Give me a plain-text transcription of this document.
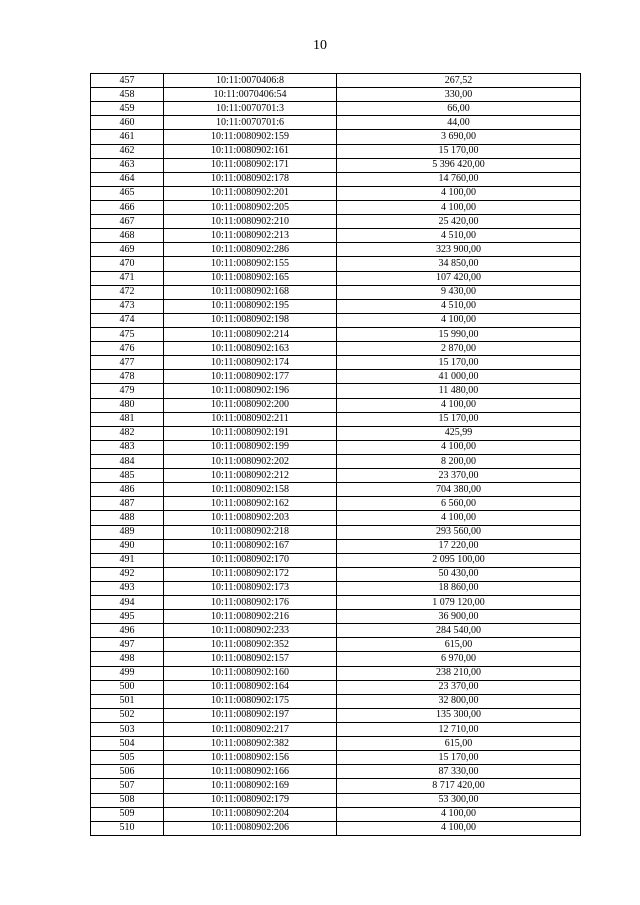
10
457	10:11:0070406:8	267,52
458	10:11:0070406:54	330,00
459	10:11:0070701:3	66,00
460	10:11:0070701:6	44,00
461	10:11:0080902:159	3 690,00
462	10:11:0080902:161	15 170,00
463	10:11:0080902:171	5 396 420,00
464	10:11:0080902:178	14 760,00
465	10:11:0080902:201	4 100,00
466	10:11:0080902:205	4 100,00
467	10:11:0080902:210	25 420,00
468	10:11:0080902:213	4 510,00
469	10:11:0080902:286	323 900,00
470	10:11:0080902:155	34 850,00
471	10:11:0080902:165	107 420,00
472	10:11:0080902:168	9 430,00
473	10:11:0080902:195	4 510,00
474	10:11:0080902:198	4 100,00
475	10:11:0080902:214	15 990,00
476	10:11:0080902:163	2 870,00
477	10:11:0080902:174	15 170,00
478	10:11:0080902:177	41 000,00
479	10:11:0080902:196	11 480,00
480	10:11:0080902:200	4 100,00
481	10:11:0080902:211	15 170,00
482	10:11:0080902:191	425,99
483	10:11:0080902:199	4 100,00
484	10:11:0080902:202	8 200,00
485	10:11:0080902:212	23 370,00
486	10:11:0080902:158	704 380,00
487	10:11:0080902:162	6 560,00
488	10:11:0080902:203	4 100,00
489	10:11:0080902:218	293 560,00
490	10:11:0080902:167	17 220,00
491	10:11:0080902:170	2 095 100,00
492	10:11:0080902:172	50 430,00
493	10:11:0080902:173	18 860,00
494	10:11:0080902:176	1 079 120,00
495	10:11:0080902:216	36 900,00
496	10:11:0080902:233	284 540,00
497	10:11:0080902:352	615,00
498	10:11:0080902:157	6 970,00
499	10:11:0080902:160	238 210,00
500	10:11:0080902:164	23 370,00
501	10:11:0080902:175	32 800,00
502	10:11:0080902:197	135 300,00
503	10:11:0080902:217	12 710,00
504	10:11:0080902:382	615,00
505	10:11:0080902:156	15 170,00
506	10:11:0080902:166	87 330,00
507	10:11:0080902:169	8 717 420,00
508	10:11:0080902:179	53 300,00
509	10:11:0080902:204	4 100,00
510	10:11:0080902:206	4 100,00
